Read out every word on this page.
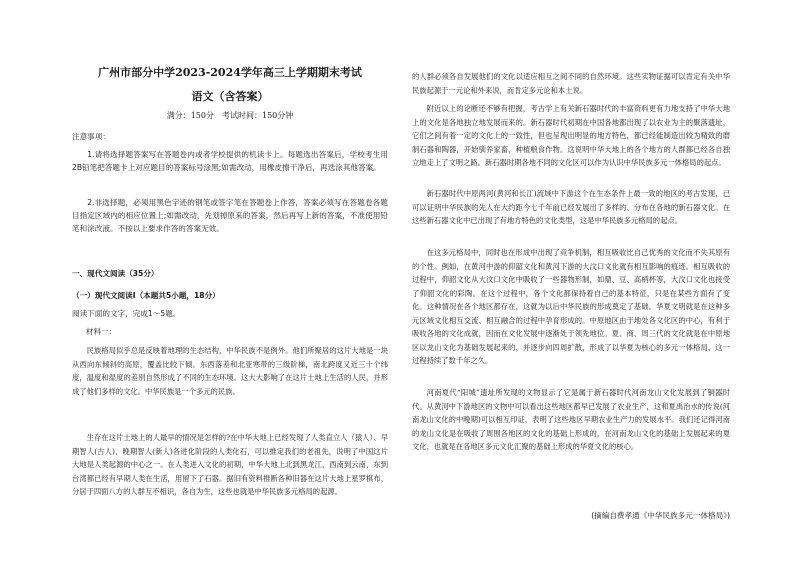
广州市部分中学2023-2024学年高三上学期期末考试
语文（含答案）
满分：150分　考试时间：150分钟

注意事项：

1.请将选择题答案写在答题卷内或者学校提供的机读卡上。每题选出答案后，学校考生用2B铅笔把答题卡上对应题目的答案标号涂黑;如需改动，用橡皮擦干净后，再选涂其他答案。

2.非选择题，必须用黑色字迹的钢笔或签字笔在答题卷上作答，答案必须写在答题卷各题目指定区域内的相应位置上;如需改动，先划掉原来的答案，然后再写上新的答案，不准使用铅笔和涂改液。不按以上要求作答的答案无效。

一、现代文阅读（35分）

（一）现代文阅读Ⅰ（本题共5小题，18分）

阅读下面的文字，完成1～5题。

材料一：

民族格局似乎总是反映着地理的生态结构，中华民族不是例外。他们所聚居的这片大地是一块从西向东倾斜的高原，覆盖比较下倾。东西落差和北亚寒带的三级阶梯，南北跨度又近三十个纬度，温度和湿度的差别自然形成了不同的生态环境。这大大影响了在这片土地上生活的人民，并形成了他们多样的文化。中华民族是一个多元的民族。

生存在这片土地上的人最早的情况是怎样的?在中华大地上已经发现了人类直立人（猿人）、早期智人(古人)、晚期智人(新人)各进化阶段的人类化石，可以推定我们的老祖先，说明了中国这片大地是人类起源的中心之一。在人类进入文化的初期，中华大地上北到黑龙江，西南到云南，东到台湾都已经有早期人类在生活，用留下了石器。据旧有资料推断各种旧器在这片大地上星罗棋布，分居于四面八方的人群互不相识，各自为生，这些也就是中华民族多元格局的起源。

的人群必须各自发展他们的文化以适应相互之间不同的自然环境。这些实物证据可以肯定有关中华民族起源于一元论和外来说，而肯定多元论和本土说。

附近以上的论断还不够有把握，考古学上有关新石器时代的丰富资料更有力地支持了中华大地上的文化是各地独立地发展而来的。新石器时代初期在中国各地都出现了以农业为主的聚落遗址，它们之间有着一定的文化上的一致性，但也呈现出明显的地方特色，都已经能制造出较为精致的磨制石器和陶器，开始驯养家畜，种植粮食作物。这说明中华大地上的各个地方的人群都已经各自独立地走上了文明之路。新石器时期各地不同的文化区可以作为认识中华民族多元一体格局的起点。

新石器时代中原两河(黄河和长江)流域中下游这个在生态条件上最一致的地区的考古发现，已可以证明中华民族的先人在大约距今七千年前已经发展出了多样的、分布在各地的新石器文化。在这些新石器文化中已出现了有地方特色的文化类型，这是中华民族多元格局的起点。

在这多元格局中，同时也在形成中出现了竞争机制，相互吸收比自己优秀的文化而不失其原有的个性。例如，在黄河中游的仰韶文化和黄河下游的大汶口文化就有相互影响的痕迹。相互吸收的过程中，仰韶文化从大汶口文化中吸收了一些器物形制，如鼎、豆、高柄杯等，大汶口文化也接受了仰韶文化的彩陶。在这个过程中，各个文化都保持着自己的基本特征，只是在某些方面有了变化。这种情况在各个地区都存在，这就为以后中华民族的形成奠定了基础。华夏文明就是在这种多元区域文化相互交流、相互融合的过程中孕育形成的。中原地区由于地处各文化区的中心，有利于吸收各地的文化成就，因而在文化发展中逐渐处于领先地位。夏、商、周三代的文化就是在中原地区以龙山文化为基础发展起来的，并逐步向四周扩散，形成了以华夏为核心的多元一体格局，这一过程持续了数千年之久。

河南夏代“阳城”遗址所发现的文物显示了它是属于新石器时代河南龙山文化发展到了铜器时代。从黄河中下游地区的文物中可以看出这些地区都早已发展了农业生产，这和夏禹治水的传说(河南龙山文化的中晚期)可以相互印证，表明了这些地区早期农业生产力的发展水平。我们还记得河南的龙山文化是在吸收了周围各地区的文化的基础上形成的，在河南龙山文化的基础上发展起来的夏文化，也就是在各地区多元文化汇聚的基础上形成的华夏文化的核心。

(摘编自费孝通《中华民族多元一体格局》)
